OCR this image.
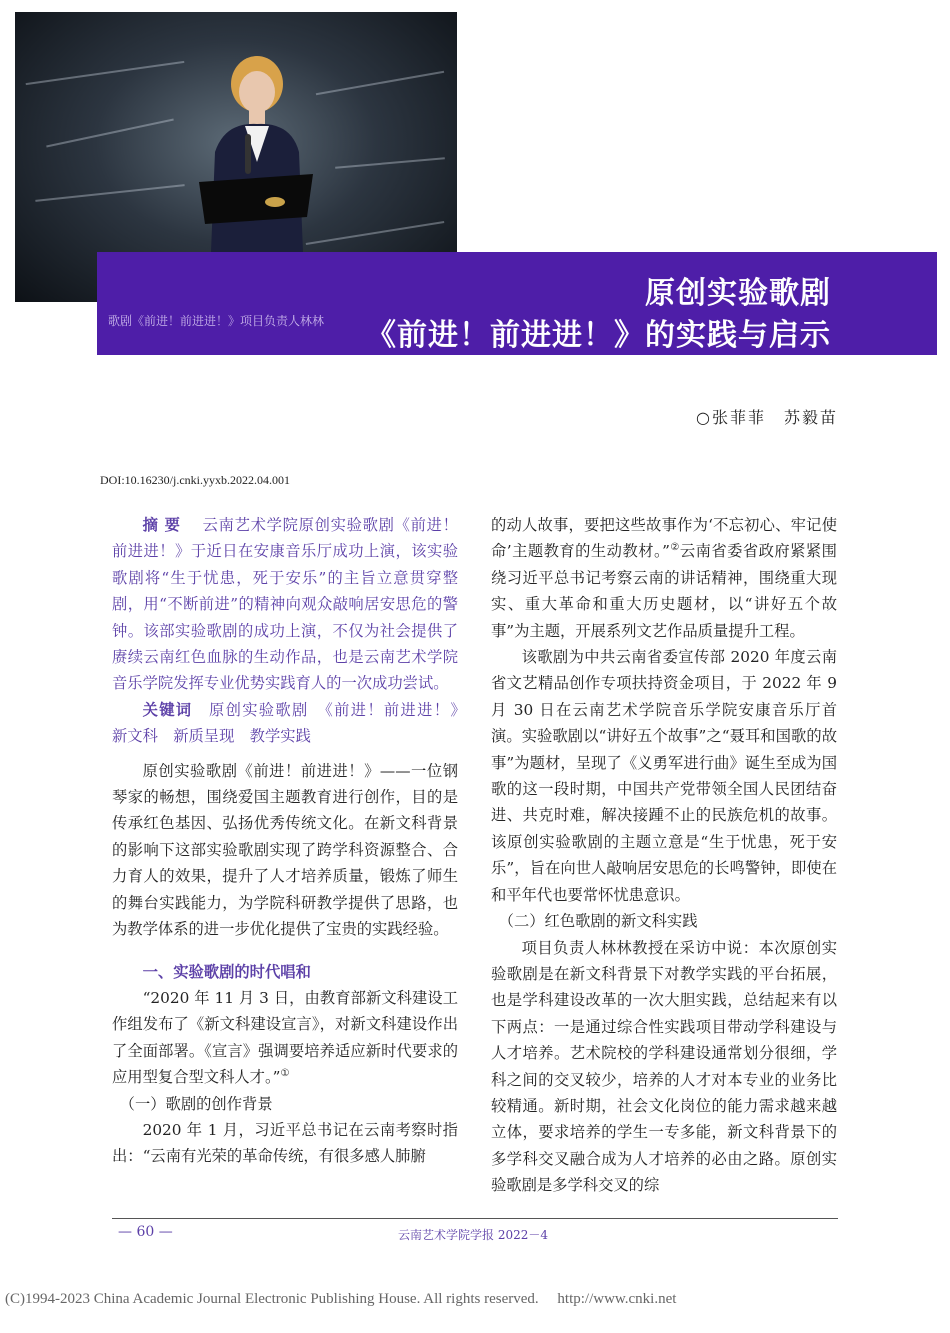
原创实验歌剧
《前进！前进进！》的实践与启示
歌剧《前进！前进进！》项目负责人林林
○张菲菲　苏毅苗
DOI:10.16230/j.cnki.yyxb.2022.04.001

摘要　 云南艺术学院原创实验歌剧《前进！前进进！》于近日在安康音乐厅成功上演，该实验歌剧将“生于忧患，死于安乐”的主旨立意贯穿整剧，用“不断前进”的精神向观众敲响居安思危的警钟。该部实验歌剧的成功上演，不仅为社会提供了赓续云南红色血脉的生动作品，也是云南艺术学院音乐学院发挥专业优势实践育人的一次成功尝试。

关键词　 原创实验歌剧　《前进！前进进！》　新文科　新质呈现　教学实践

原创实验歌剧《前进！前进进！》——一位钢琴家的畅想，围绕爱国主题教育进行创作，目的是传承红色基因、弘扬优秀传统文化。在新文科背景的影响下这部实验歌剧实现了跨学科资源整合、合力育人的效果，提升了人才培养质量，锻炼了师生的舞台实践能力，为学院科研教学提供了思路，也为教学体系的进一步优化提供了宝贵的实践经验。

一、实验歌剧的时代唱和

“2020 年 11 月 3 日，由教育部新文科建设工作组发布了《新文科建设宣言》，对新文科建设作出了全面部署。《宣言》强调要培养适应新时代要求的应用型复合型文科人才。”①

（一）歌剧的创作背景

2020 年 1 月，习近平总书记在云南考察时指出：“云南有光荣的革命传统，有很多感人肺腑

的动人故事，要把这些故事作为‘不忘初心、牢记使命’主题教育的生动教材。”②云南省委省政府紧紧围绕习近平总书记考察云南的讲话精神，围绕重大现实、重大革命和重大历史题材，以“讲好五个故事”为主题，开展系列文艺作品质量提升工程。

该歌剧为中共云南省委宣传部 2020 年度云南省文艺精品创作专项扶持资金项目，于 2022 年 9 月 30 日在云南艺术学院音乐学院安康音乐厅首演。实验歌剧以“讲好五个故事”之“聂耳和国歌的故事”为题材，呈现了《义勇军进行曲》诞生至成为国歌的这一段时期，中国共产党带领全国人民团结奋进、共克时难，解决接踵不止的民族危机的故事。该原创实验歌剧的主题立意是“生于忧患，死于安乐”，旨在向世人敲响居安思危的长鸣警钟，即使在和平年代也要常怀忧患意识。

（二）红色歌剧的新文科实践

项目负责人林林教授在采访中说：本次原创实验歌剧是在新文科背景下对教学实践的平台拓展，也是学科建设改革的一次大胆实践，总结起来有以下两点：一是通过综合性实践项目带动学科建设与人才培养。艺术院校的学科建设通常划分很细，学科之间的交叉较少，培养的人才对本专业的业务比较精通。新时期，社会文化岗位的能力需求越来越立体，要求培养的学生一专多能，新文科背景下的多学科交叉融合成为人才培养的必由之路。原创实验歌剧是多学科交叉的综

— 60 —	云南艺术学院学报 2022－4
(C)1994-2023 China Academic Journal Electronic Publishing House. All rights reserved.　 http://www.cnki.net
